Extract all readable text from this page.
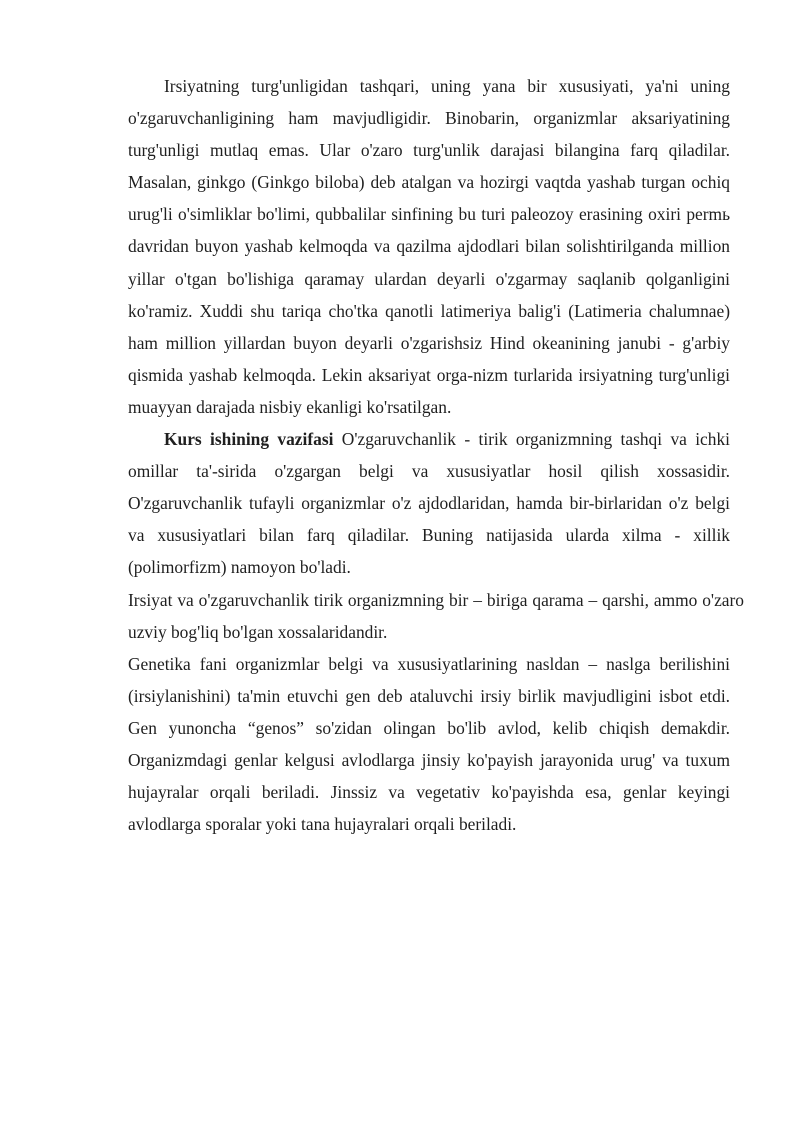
Irsiyatning turg'unligidan tashqari, uning yana bir xususiyati, ya'ni uning o'zgaruvchanligining ham mavjudligidir. Binobarin, organizmlar aksariyatining turg'unligi mutlaq emas. Ular o'zaro turg'unlik darajasi bilangina farq qiladilar. Masalan, ginkgo (Ginkgo biloba) deb atalgan va hozirgi vaqtda yashab turgan ochiq urug'li o'simliklar bo'limi, qubbalilar sinfining bu turi paleozoy erasining oxiri permь davridan buyon yashab kelmoqda va qazilma ajdodlari bilan solishtirilganda million yillar o'tgan bo'lishiga qaramay ulardan deyarli o'zgarmay saqlanib qolganligini ko'ramiz. Xuddi shu tariqa cho'tka qanotli latimeriya balig'i (Latimeria chalumnae) ham million yillardan buyon deyarli o'zgarishsiz Hind okeanining janubi - g'arbiy qismida yashab kelmoqda. Lekin aksariyat orga-nizm turlarida irsiyatning turg'unligi muayyan darajada nisbiy ekanligi ko'rsatilgan.

Kurs ishining vazifasi O'zgaruvchanlik - tirik organizmning tashqi va ichki omillar ta'-sirida o'zgargan belgi va xususiyatlar hosil qilish xossasidir. O'zgaruvchanlik tufayli organizmlar o'z ajdodlaridan, hamda bir-birlaridan o'z belgi va xususiyatlari bilan farq qiladilar. Buning natijasida ularda xilma - xillik (polimorfizm) namoyon bo'ladi.

Irsiyat va o'zgaruvchanlik tirik organizmning bir – biriga qarama – qarshi, ammo o'zaro uzviy bog'liq bo'lgan xossalaridandir.

Genetika fani organizmlar belgi va xususiyatlarining nasldan – naslga berilishini (irsiylanishini) ta'min etuvchi gen deb ataluvchi irsiy birlik mavjudligini isbot etdi. Gen yunoncha “genos” so'zidan olingan bo'lib avlod, kelib chiqish demakdir. Organizmdagi genlar kelgusi avlodlarga jinsiy ko'payish jarayonida urug' va tuxum hujayralar orqali beriladi. Jinssiz va vegetativ ko'payishda esa, genlar keyingi avlodlarga sporalar yoki tana hujayralari orqali beriladi.
